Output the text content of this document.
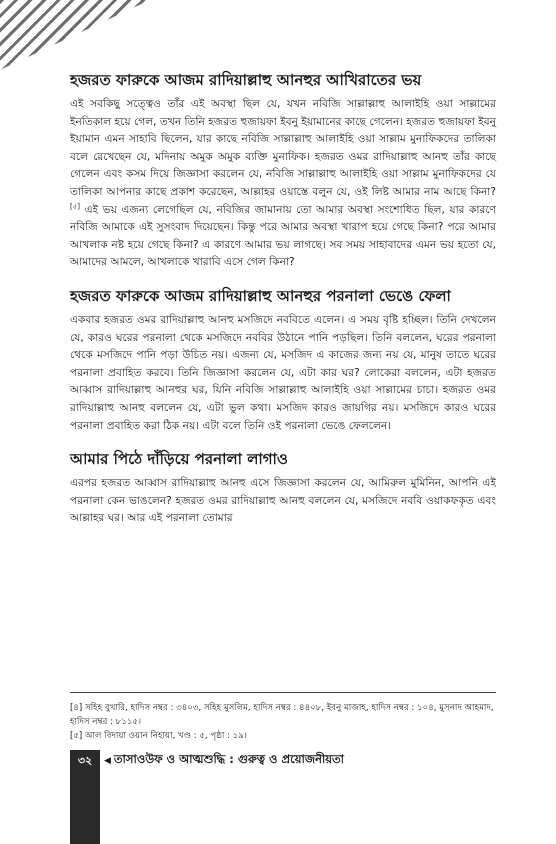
হজরত ফারুকে আজম রাদিয়াল্লাহু আনহুর আখিরাতের ভয়

এই সবকিছু সত্ত্বেও তাঁর এই অবস্থা ছিল যে, যখন নবিজি সাল্লাল্লাহু আলাইহি ওয়া সাল্লামের ইনতিকাল হয়ে গেল, তখন তিনি হজরত হুজায়ফা ইবনু ইয়ামানের কাছে গেলেন। হজরত হুজায়ফা ইবনু ইয়ামান এমন সাহাবি ছিলেন, যার কাছে নবিজি সাল্লাল্লাহু আলাইহি ওয়া সাল্লাম মুনাফিকদের তালিকা বলে রেখেছেন যে, মদিনায় অমুক অমুক ব্যক্তি মুনাফিক। হজরত ওমর রাদিয়াল্লাহু আনহু তাঁর কাছে গেলেন এবং কসম দিয়ে জিজ্ঞাসা করলেন যে, নবিজি সাল্লাল্লাহু আলাইহি ওয়া সাল্লাম মুনাফিকদের যে তালিকা আপনার কাছে প্রকাশ করেছেন, আল্লাহর ওয়াস্তে বলুন যে, ওই লিষ্ট আমার নাম আছে কিনা?[৫] এই ভয় এজন্য লেগেছিল যে, নবিজির জামানায় তো আমার অবস্থা সংশোধিত ছিল, যার কারণে নবিজি আমাকে এই সুসংবাদ দিয়েছেন। কিন্তু পরে আমার অবস্থা খারাপ হয়ে গেছে কিনা? পরে আমার আখলাক নষ্ট হয়ে গেছে কিনা? এ কারণে আমার ভয় লাগছে। সব সময় সাহাবাদের এমন ভয় হতো যে, আমাদের আমলে, আখলাকে খারাবি এসে গেল কিনা?

হজরত ফারুকে আজম রাদিয়াল্লাহু আনহুর পরনালা ভেঙে ফেলা

একবার হজরত ওমর রাদিয়াল্লাহু আনহু মসজিদে নববিতে এলেন। এ সময় বৃষ্টি হচ্ছিল। তিনি দেখলেন যে, কারও ঘরের পরনালা থেকে মসজিদে নববির উঠানে পানি পড়ছিল। তিনি বললেন, ঘরের পরনালা থেকে মসজিদে পানি পড়া উচিত নয়। এজন্য যে, মসজিদ এ কাজের জন্য নয় যে, মানুষ তাতে ঘরের পরনালা প্রবাহিত করবে। তিনি জিজ্ঞাসা করলেন যে, এটা কার ঘর? লোকেরা বললেন, এটা হজরত আব্বাস রাদিয়াল্লাহু আনহুর ঘর, যিনি নবিজি সাল্লাল্লাহু আলাইহি ওয়া সাল্লামের চাচা। হজরত ওমর রাদিয়াল্লাহু আনহু বললেন যে, এটা ভুল কথা। মসজিদ কারও জায়গির নয়। মসজিদে কারও ঘরের পরনালা প্রবাহিত করা ঠিক নয়। এটা বলে তিনি ওই পরনালা ভেঙে ফেললেন।

আমার পিঠে দাঁড়িয়ে পরনালা লাগাও

এরপর হজরত আব্বাস রাদিয়াল্লাহু আনহু এসে জিজ্ঞাসা করলেন যে, আমিরুল মুমিনিন, আপনি এই পরনালা কেন ভাঙলেন? হজরত ওমর রাদিয়াল্লাহু আনহু বললেন যে, মসজিদে নববি ওয়াকফকৃত এবং আল্লাহর ঘর। আর এই পরনালা তোমার

[৪] সহিহ বুখারি, হাদিস নম্বর : ৩৪০৩, সহিহ মুসলিম, হাদিস নম্বর : ৪৪০৮, ইবনু মাজাহ, হাদিস নম্বর : ১০৪, মুসনাদ আহমাদ, হাদিস নম্বর : ৮১১৫।

[৫] আল বিদায়া ওয়ান নিহায়া, খণ্ড : ৫, পৃষ্ঠা : ১৯।

৩২	◀ তাসাওউফ ও আত্মশুদ্ধি : গুরুত্ব ও প্রয়োজনীয়তা
